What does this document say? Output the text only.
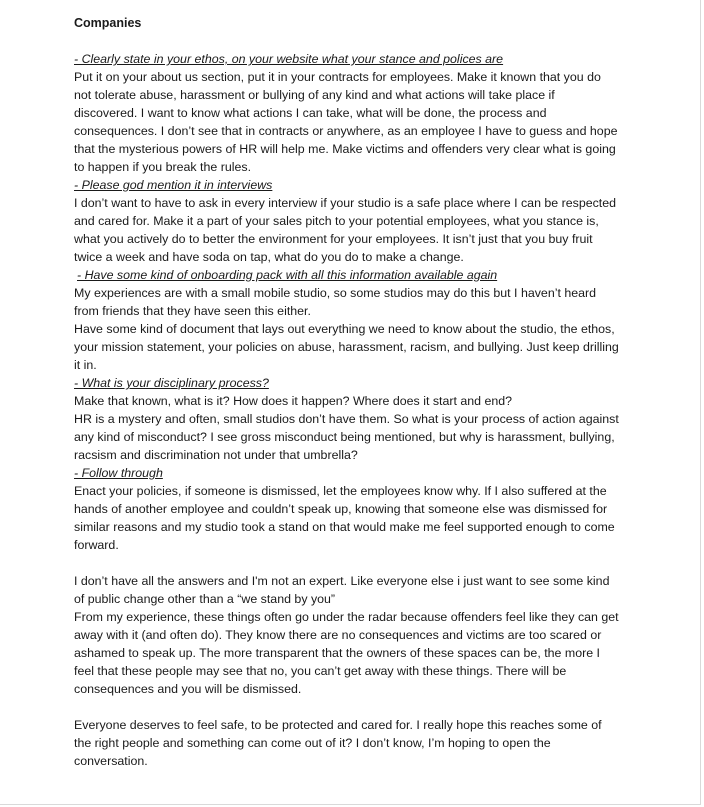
Companies

- Clearly state in your ethos, on your website what your stance and polices are

Put it on your about us section, put it in your contracts for employees. Make it known that you do not tolerate abuse, harassment or bullying of any kind and what actions will take place if discovered. I want to know what actions I can take, what will be done, the process and consequences. I don’t see that in contracts or anywhere, as an employee I have to guess and hope that the mysterious powers of HR will help me. Make victims and offenders very clear what is going to happen if you break the rules.

- Please god mention it in interviews

I don’t want to have to ask in every interview if your studio is a safe place where I can be respected and cared for. Make it a part of your sales pitch to your potential employees, what you stance is, what you actively do to better the environment for your employees. It isn’t just that you buy fruit twice a week and have soda on tap, what do you do to make a change.

- Have some kind of onboarding pack with all this information available again

My experiences are with a small mobile studio, so some studios may do this but I haven’t heard from friends that they have seen this either.

Have some kind of document that lays out everything we need to know about the studio, the ethos, your mission statement, your policies on abuse, harassment, racism, and bullying. Just keep drilling it in.

- What is your disciplinary process?

Make that known, what is it? How does it happen? Where does it start and end?

HR is a mystery and often, small studios don’t have them. So what is your process of action against any kind of misconduct? I see gross misconduct being mentioned, but why is harassment, bullying, racsism and discrimination not under that umbrella?

- Follow through

Enact your policies, if someone is dismissed, let the employees know why. If I also suffered at the hands of another employee and couldn’t speak up, knowing that someone else was dismissed for similar reasons and my studio took a stand on that would make me feel supported enough to come forward.

I don’t have all the answers and I'm not an expert. Like everyone else i just want to see some kind of public change other than a “we stand by you”

From my experience, these things often go under the radar because offenders feel like they can get away with it (and often do). They know there are no consequences and victims are too scared or ashamed to speak up. The more transparent that the owners of these spaces can be, the more I feel that these people may see that no, you can’t get away with these things. There will be consequences and you will be dismissed.

Everyone deserves to feel safe, to be protected and cared for. I really hope this reaches some of the right people and something can come out of it? I don’t know, I’m hoping to open the conversation.
